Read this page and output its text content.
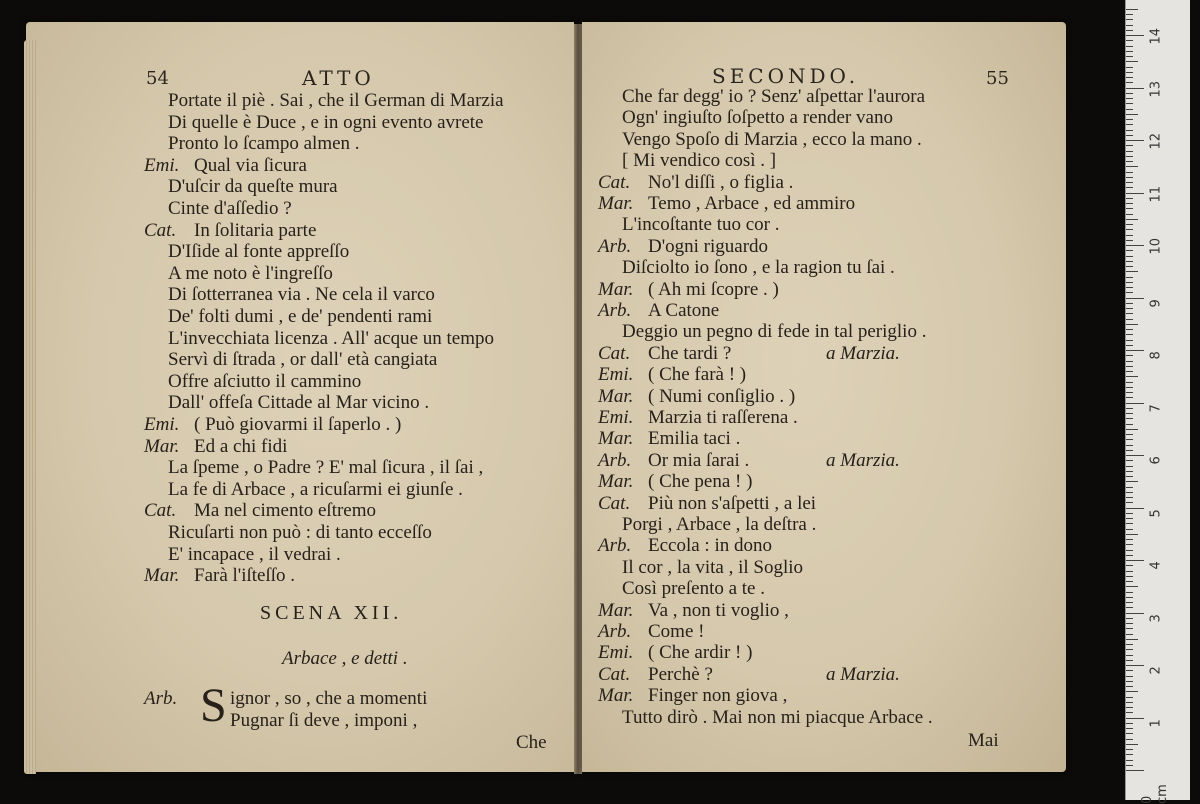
54	ATTO
Portate il piè . Sai , che il German di Marzia
Di quelle è Duce , e in ogni evento avrete
Pronto lo ſcampo almen .
Emi. Qual via ſicura
D'uſcir da queſte mura
Cinte d'aſſedio ?
Cat. In ſolitaria parte
D'Iſide al fonte appreſſo
A me noto è l'ingreſſo
Di ſotterranea via . Ne cela il varco
De' folti dumi , e de' pendenti rami
L'invecchiata licenza . All' acque un tempo
Servì di ſtrada , or dall' età cangiata
Offre aſciutto il cammino
Dall' offeſa Cittade al Mar vicino .
Emi. ( Può giovarmi il ſaperlo . )
Mar. Ed a chi fidi
La ſpeme , o Padre ? E' mal ſicura , il ſai ,
La fe di Arbace , a ricuſarmi ei giunſe .
Cat. Ma nel cimento eſtremo
Ricuſarti non può : di tanto ecceſſo
E' incapace , il vedrai .
Mar. Farà l'iſteſſo .
SCENA XII.
Arbace , e detti .
Arb. S ignor , so , che a momenti
Pugnar ſi deve , imponi ,
Che
SECONDO.	55
Che far degg' io ? Senz' aſpettar l'aurora
Ogn' ingiuſto ſoſpetto a render vano
Vengo Spoſo di Marzia , ecco la mano .
[ Mi vendico così . ]
Cat. No'l diſſi , o figlia .
Mar. Temo , Arbace , ed ammiro
L'incoſtante tuo cor .
Arb. D'ogni riguardo
Diſciolto io ſono , e la ragion tu ſai .
Mar. ( Ah mi ſcopre . )
Arb. A Catone
Deggio un pegno di fede in tal periglio .
Cat. Che tardi ?	a Marzia.
Emi. ( Che farà ! )
Mar. ( Numi conſiglio . )
Emi. Marzia ti raſſerena .
Mar. Emilia taci .
Arb. Or mia ſarai .	a Marzia.
Mar. ( Che pena ! )
Cat. Più non s'aſpetti , a lei
Porgi , Arbace , la deſtra .
Arb. Eccola : in dono
Il cor , la vita , il Soglio
Così preſento a te .
Mar. Va , non ti voglio ,
Arb. Come !
Emi. ( Che ardir ! )
Cat. Perchè ?	a Marzia.
Mar. Finger non giova ,
Tutto dirò . Mai non mi piacque Arbace .
Mai
0 cm
1
2
3
4
5
6
7
8
9
10
11
12
13
14
